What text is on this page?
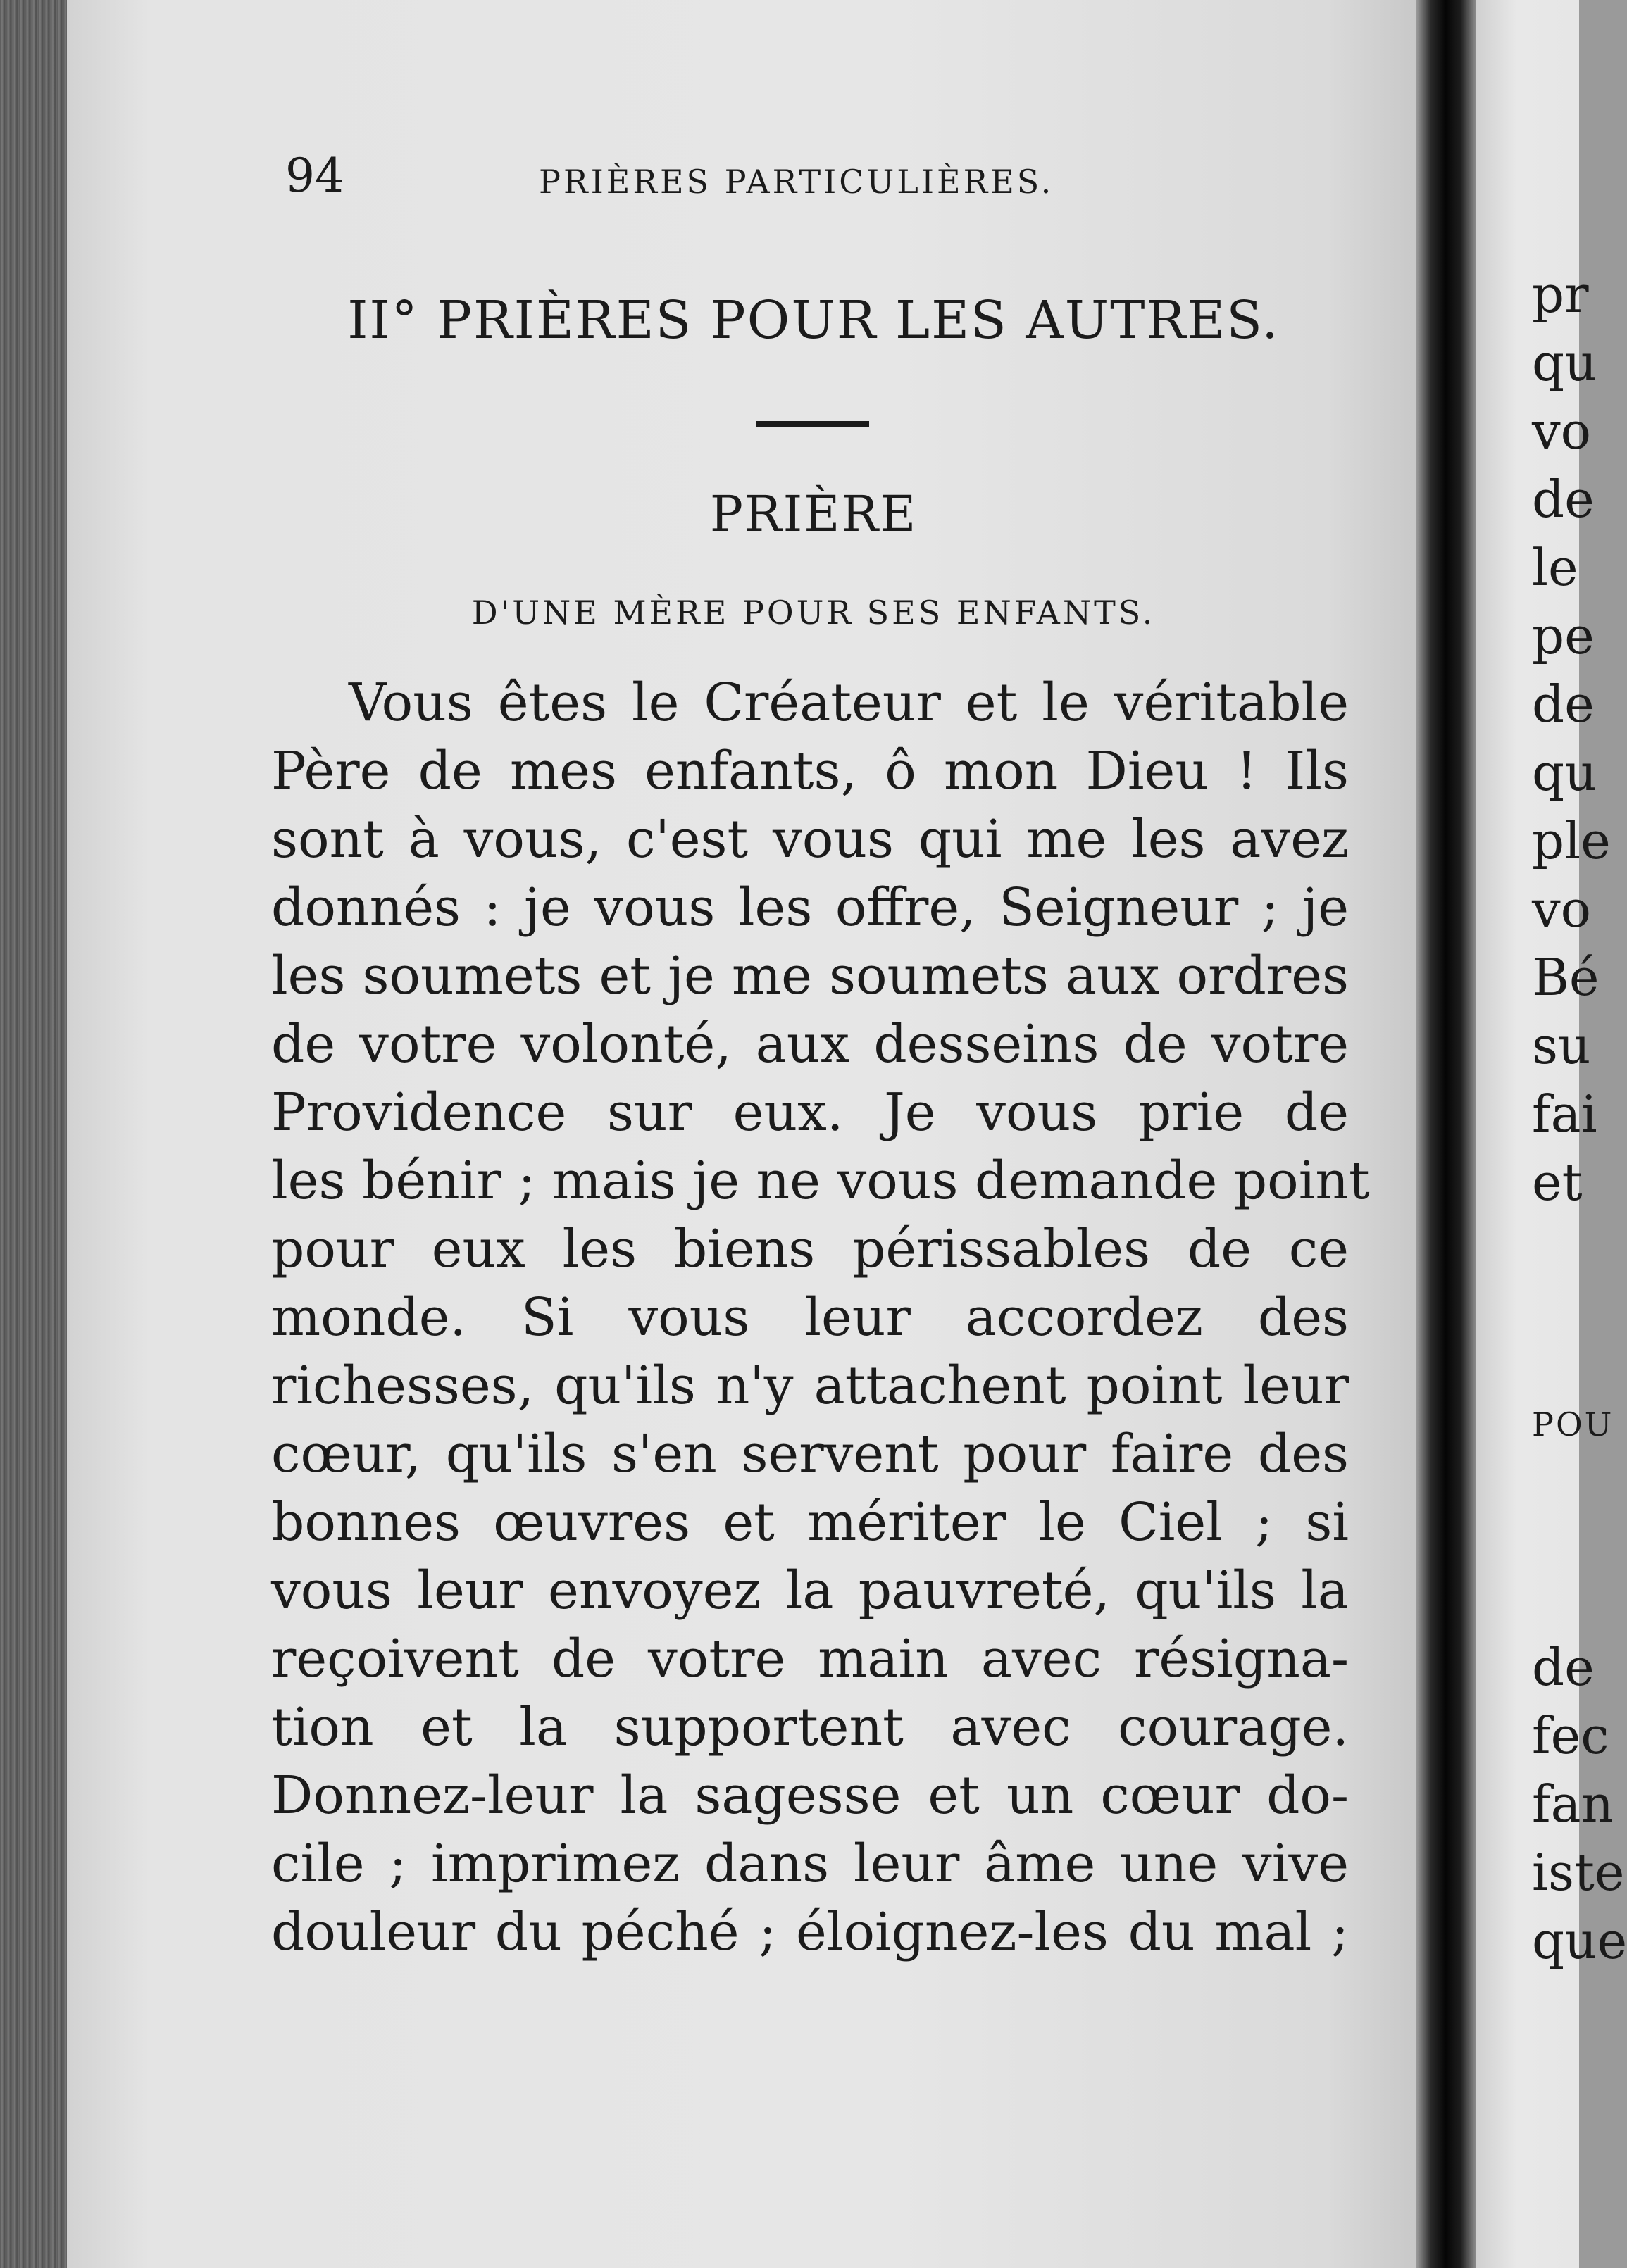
94	PRIÈRES PARTICULIÈRES.
II° PRIÈRES POUR LES AUTRES.
PRIÈRE
D'UNE MÈRE POUR SES ENFANTS.
Vous êtes le Créateur et le véritable
Père de mes enfants, ô mon Dieu ! Ils
sont à vous, c'est vous qui me les avez
donnés : je vous les offre, Seigneur ; je
les soumets et je me soumets aux ordres
de votre volonté, aux desseins de votre
Providence sur eux. Je vous prie de
les bénir ; mais je ne vous demande point
pour eux les biens périssables de ce
monde. Si vous leur accordez des
richesses, qu'ils n'y attachent point leur
cœur, qu'ils s'en servent pour faire des
bonnes œuvres et mériter le Ciel ; si
vous leur envoyez la pauvreté, qu'ils la
reçoivent de votre main avec résigna-
tion et la supportent avec courage.
Donnez-leur la sagesse et un cœur do-
cile ; imprimez dans leur âme une vive
douleur du péché ; éloignez-les du mal ;
pr
qu
vo
de
le
pe
de
qu
ple
vo
Bé
su
fai
et
POU
de
fec
fan
iste
que
